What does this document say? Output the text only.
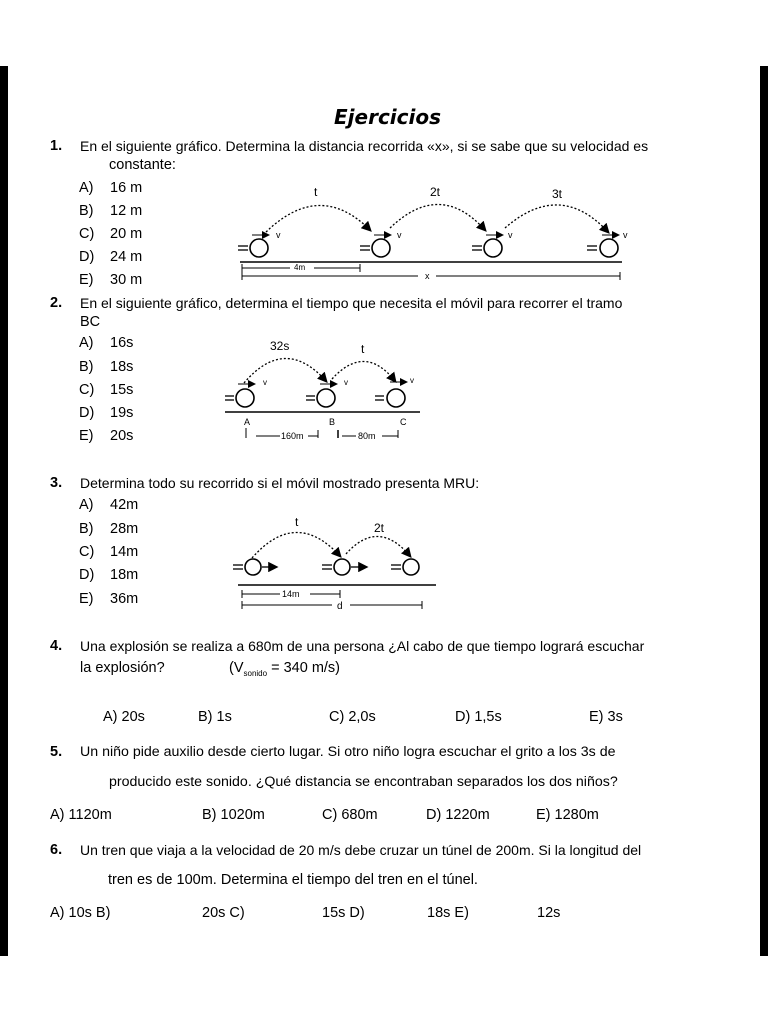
Ejercicios
1. En el siguiente gráfico. Determina la distancia recorrida «x», si se sabe que su velocidad es
constante:
A) 16 m
B) 12 m
C) 20 m
D) 24 m
E) 30 m
t	2t	3t
v	v	v	v
4m
x
2. En el siguiente gráfico, determina el tiempo que necesita el móvil para recorrer el tramo
BC
A) 16s
B) 18s
C) 15s
D) 19s
E) 20s
32s	t
v	v	v
A	B	C
160m	80m
3. Determina todo su recorrido si el móvil mostrado presenta MRU:
A) 42m
B) 28m
C) 14m
D) 18m
E) 36m
t	2t
14m
d
4. Una explosión se realiza a 680m de una persona ¿Al cabo de que tiempo logrará escuchar
la explosión?	($V_{sonido} = 340$ m/s)
A) 20s	B) 1s	C) 2,0s	D) 1,5s	E) 3s
5. Un niño pide auxilio desde cierto lugar. Si otro niño logra escuchar el grito a los 3s de
producido este sonido. ¿Qué distancia se encontraban separados los dos niños?
A) 1120m	B) 1020m	C) 680m	D) 1220m	E) 1280m
6. Un tren que viaja a la velocidad de 20 m/s debe cruzar un túnel de 200m. Si la longitud del
tren es de 100m. Determina el tiempo del tren en el túnel.
A) 10s B)	20s C)	15s D)	18s E)	12s
